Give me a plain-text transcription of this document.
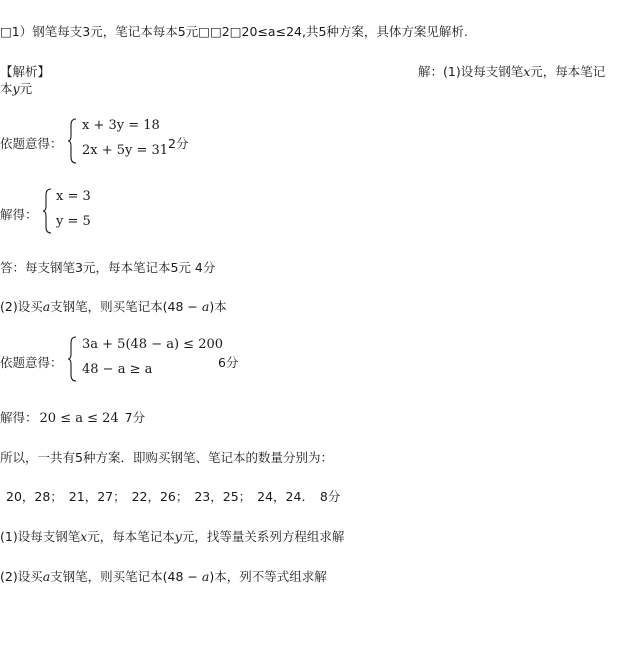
□1）钢笔每支3元，笔记本每本5元□□2□20≤a≤24,共5种方案，具体方案见解析.
【解析】	解：(1)设每支钢笔x元，每本笔记
本y元
依题意得：
x + 3y = 18
2x + 5y = 31 2分
解得：
x = 3
y = 5
答：每支钢笔3元，每本笔记本5元 4分
(2)设买a支钢笔，则买笔记本(48 − a)本
依题意得：
3a + 5(48 − a) ≤ 200
48 − a ≥ a	6分
解得： 20 ≤ a ≤ 24 7分
所以，一共有5种方案．即购买钢笔、笔记本的数量分别为：
20，28； 21，27； 22，26； 23，25； 24，24． 8分
(1)设每支钢笔x元，每本笔记本y元，找等量关系列方程组求解
(2)设买a支钢笔，则买笔记本(48 − a)本，列不等式组求解
